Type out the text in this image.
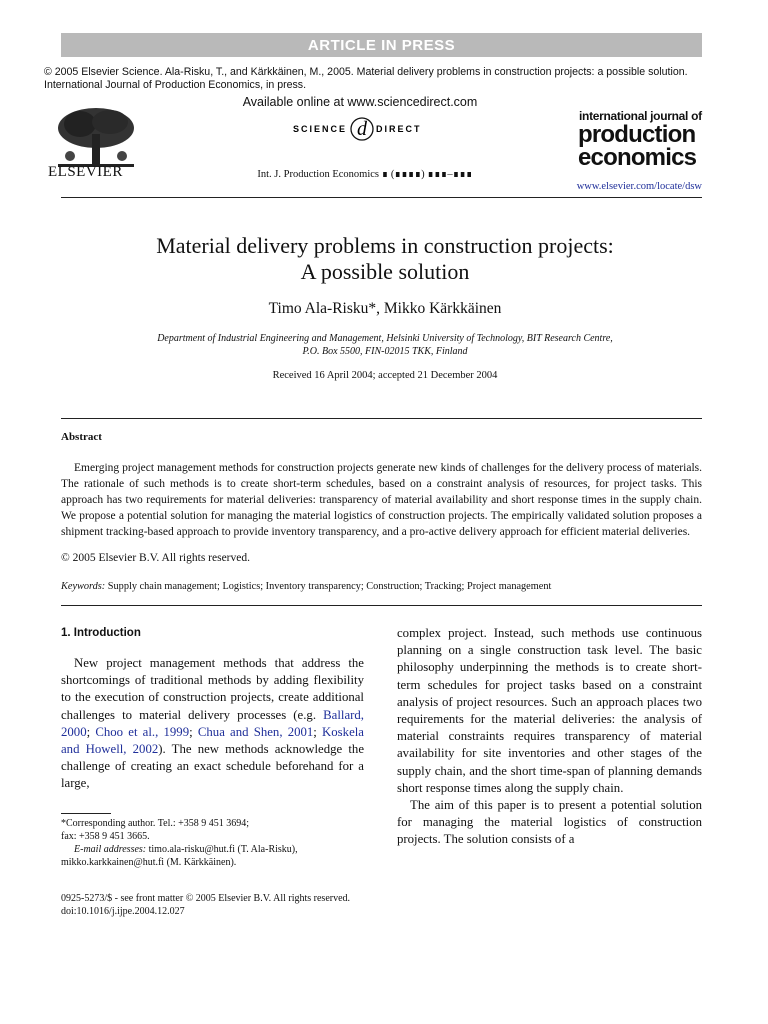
ARTICLE IN PRESS
© 2005 Elsevier Science. Ala-Risku, T., and Kärkkäinen, M., 2005. Material delivery problems in construction projects: a possible solution. International Journal of Production Economics, in press.
ELSEVIER
Available online at www.sciencedirect.com
SCIENCE d DIRECT
Int. J. Production Economics ∎ (∎∎∎∎) ∎∎∎–∎∎∎
international journal of
production
economics
www.elsevier.com/locate/dsw
Material delivery problems in construction projects:
A possible solution
Timo Ala-Risku*, Mikko Kärkkäinen
Department of Industrial Engineering and Management, Helsinki University of Technology, BIT Research Centre,
P.O. Box 5500, FIN-02015 TKK, Finland
Received 16 April 2004; accepted 21 December 2004
Abstract

Emerging project management methods for construction projects generate new kinds of challenges for the delivery process of materials. The rationale of such methods is to create short-term schedules, based on a constraint analysis of resources, for project tasks. This approach has two requirements for material deliveries: transparency of material availability and short response times in the supply chain. We propose a potential solution for managing the material logistics of construction projects. The empirically validated solution proposes a shipment tracking-based approach to provide inventory transparency, and a pro-active delivery approach for efficient material deliveries.

© 2005 Elsevier B.V. All rights reserved.
Keywords: Supply chain management; Logistics; Inventory transparency; Construction; Tracking; Project management
1. Introduction

New project management methods that address the shortcomings of traditional methods by adding flexibility to the execution of construction projects, create additional challenges to material delivery processes (e.g. Ballard, 2000; Choo et al., 1999; Chua and Shen, 2001; Koskela and Howell, 2002). The new methods acknowledge the challenge of creating an exact schedule beforehand for a large,

complex project. Instead, such methods use continuous planning on a single construction task level. The basic philosophy underpinning the methods is to create short-term schedules for project tasks based on a constraint analysis of project resources. Such an approach places two requirements for the material deliveries: the analysis of material constraints requires transparency of material availability for site inventories and other stages of the supply chain, and the short time-span of planning demands short response times along the supply chain.

The aim of this paper is to present a potential solution for managing the material logistics of construction projects. The solution consists of a

*Corresponding author. Tel.: +358 9 451 3694;
fax: +358 9 451 3665.
E-mail addresses: timo.ala-risku@hut.fi (T. Ala-Risku),
mikko.karkkainen@hut.fi (M. Kärkkäinen).
0925-5273/$ - see front matter © 2005 Elsevier B.V. All rights reserved.
doi:10.1016/j.ijpe.2004.12.027
